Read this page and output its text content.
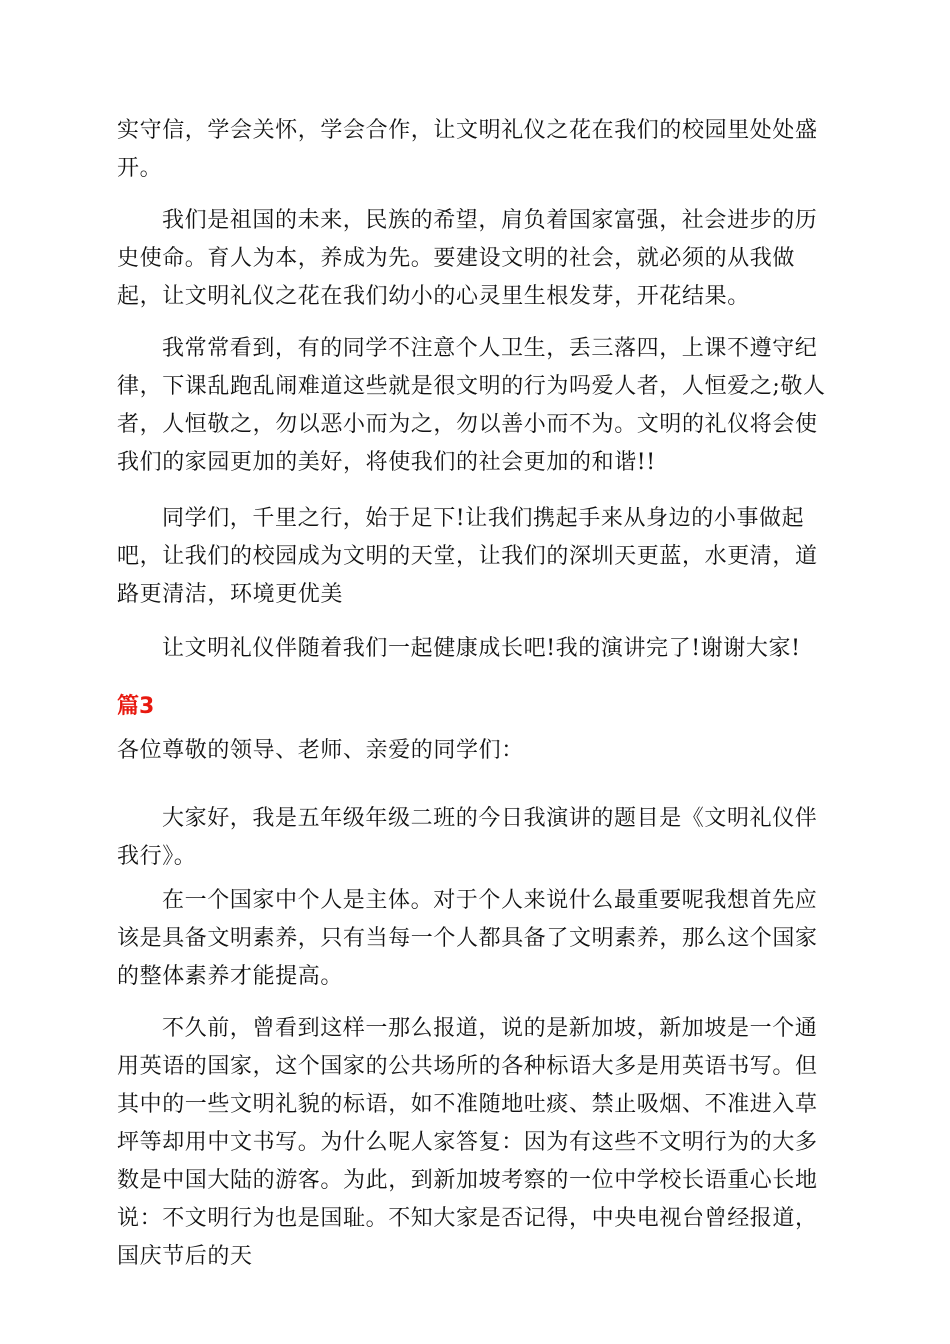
实守信，学会关怀，学会合作，让文明礼仪之花在我们的校园里处处盛开。

我们是祖国的未来，民族的希望，肩负着国家富强，社会进步的历史使命。育人为本，养成为先。要建设文明的社会，就必须的从我做起，让文明礼仪之花在我们幼小的心灵里生根发芽，开花结果。

我常常看到，有的同学不注意个人卫生，丢三落四，上课不遵守纪律，下课乱跑乱闹难道这些就是很文明的行为吗爱人者，人恒爱之;敬人者，人恒敬之，勿以恶小而为之，勿以善小而不为。文明的礼仪将会使我们的家园更加的美好，将使我们的社会更加的和谐!!

同学们，千里之行，始于足下!让我们携起手来从身边的小事做起吧，让我们的校园成为文明的天堂，让我们的深圳天更蓝，水更清，道路更清洁，环境更优美

让文明礼仪伴随着我们一起健康成长吧!我的演讲完了!谢谢大家!

篇3

各位尊敬的领导、老师、亲爱的同学们：

大家好，我是五年级年级二班的今日我演讲的题目是《文明礼仪伴我行》。

在一个国家中个人是主体。对于个人来说什么最重要呢我想首先应该是具备文明素养，只有当每一个人都具备了文明素养，那么这个国家的整体素养才能提高。

不久前，曾看到这样一那么报道，说的是新加坡，新加坡是一个通用英语的国家，这个国家的公共场所的各种标语大多是用英语书写。但其中的一些文明礼貌的标语，如不准随地吐痰、禁止吸烟、不准进入草坪等却用中文书写。为什么呢人家答复：因为有这些不文明行为的大多数是中国大陆的游客。为此，到新加坡考察的一位中学校长语重心长地说：不文明行为也是国耻。不知大家是否记得，中央电视台曾经报道，国庆节后的天
